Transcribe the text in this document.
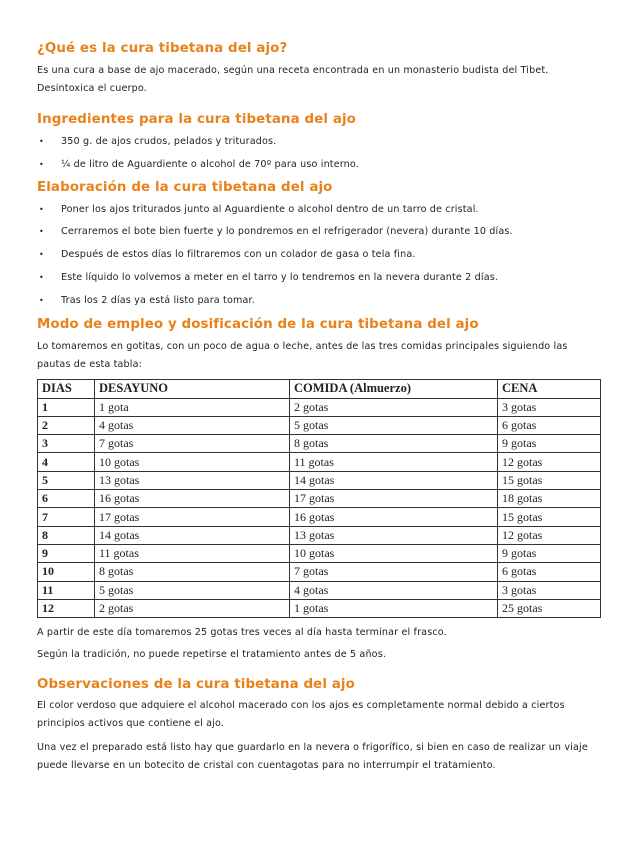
¿Qué es la cura tibetana del ajo?

Es una cura a base de ajo macerado, según una receta encontrada en un monasterio budista del Tibet. Desintoxica el cuerpo.

Ingredientes para la cura tibetana del ajo
•	350 g. de ajos crudos, pelados y triturados.
•	¼ de litro de Aguardiente o alcohol de 70º para uso interno.
Elaboración de la cura tibetana del ajo
•	Poner los ajos triturados junto al Aguardiente o alcohol dentro de un tarro de cristal.
•	Cerraremos el bote bien fuerte y lo pondremos en el refrigerador (nevera) durante 10 días.
•	Después de estos días lo filtraremos con un colador de gasa o tela fina.
•	Este líquido lo volvemos a meter en el tarro y lo tendremos en la nevera durante 2 días.
•	Tras los 2 días ya está listo para tomar.
Modo de empleo y dosificación de la cura tibetana del ajo

Lo tomaremos en gotitas, con un poco de agua o leche, antes de las tres comidas principales siguiendo las pautas de esta tabla:

DIAS	DESAYUNO	COMIDA (Almuerzo)	CENA
1	1 gota	2 gotas	3 gotas
2	4 gotas	5 gotas	6 gotas
3	7 gotas	8 gotas	9 gotas
4	10 gotas	11 gotas	12 gotas
5	13 gotas	14 gotas	15 gotas
6	16 gotas	17 gotas	18 gotas
7	17 gotas	16 gotas	15 gotas
8	14 gotas	13 gotas	12 gotas
9	11 gotas	10 gotas	9 gotas
10	8 gotas	7 gotas	6 gotas
11	5 gotas	4 gotas	3 gotas
12	2 gotas	1 gotas	25 gotas

A partir de este día tomaremos 25 gotas tres veces al día hasta terminar el frasco.

Según la tradición, no puede repetirse el tratamiento antes de 5 años.

Observaciones de la cura tibetana del ajo

El color verdoso que adquiere el alcohol macerado con los ajos es completamente normal debido a ciertos principios activos que contiene el ajo.

Una vez el preparado está listo hay que guardarlo en la nevera o frigorífico, si bien en caso de realizar un viaje puede llevarse en un botecito de cristal con cuentagotas para no interrumpir el tratamiento.
